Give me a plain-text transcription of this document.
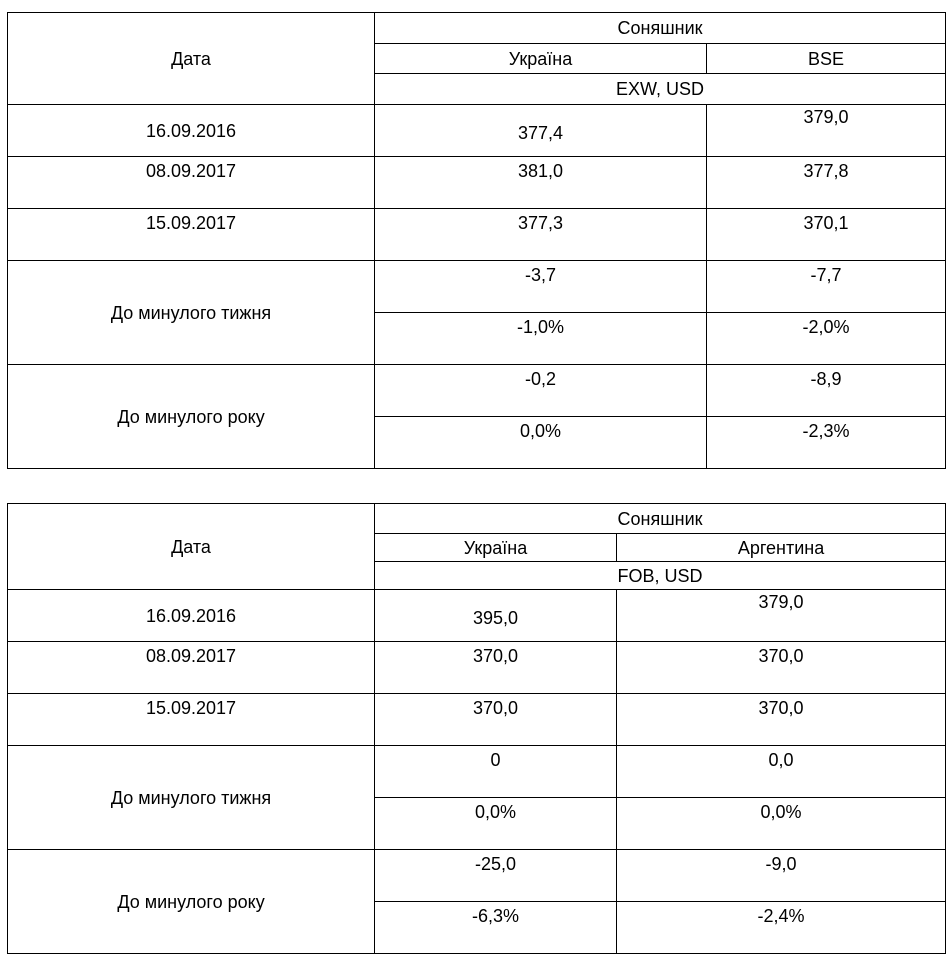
Дата	Соняшник	
	Україна	BSE
	EXW, USD	
16.09.2016	377,4	379,0
08.09.2017	381,0	377,8
15.09.2017	377,3	370,1
До минулого тижня	-3,7	-7,7
	-1,0%	-2,0%
До минулого року	-0,2	-8,9
	0,0%	-2,3%
Дата	Соняшник	
	Україна	Аргентина
	FOB, USD	
16.09.2016	395,0	379,0
08.09.2017	370,0	370,0
15.09.2017	370,0	370,0
До минулого тижня	0	0,0
	0,0%	0,0%
До минулого року	-25,0	-9,0
	-6,3%	-2,4%
